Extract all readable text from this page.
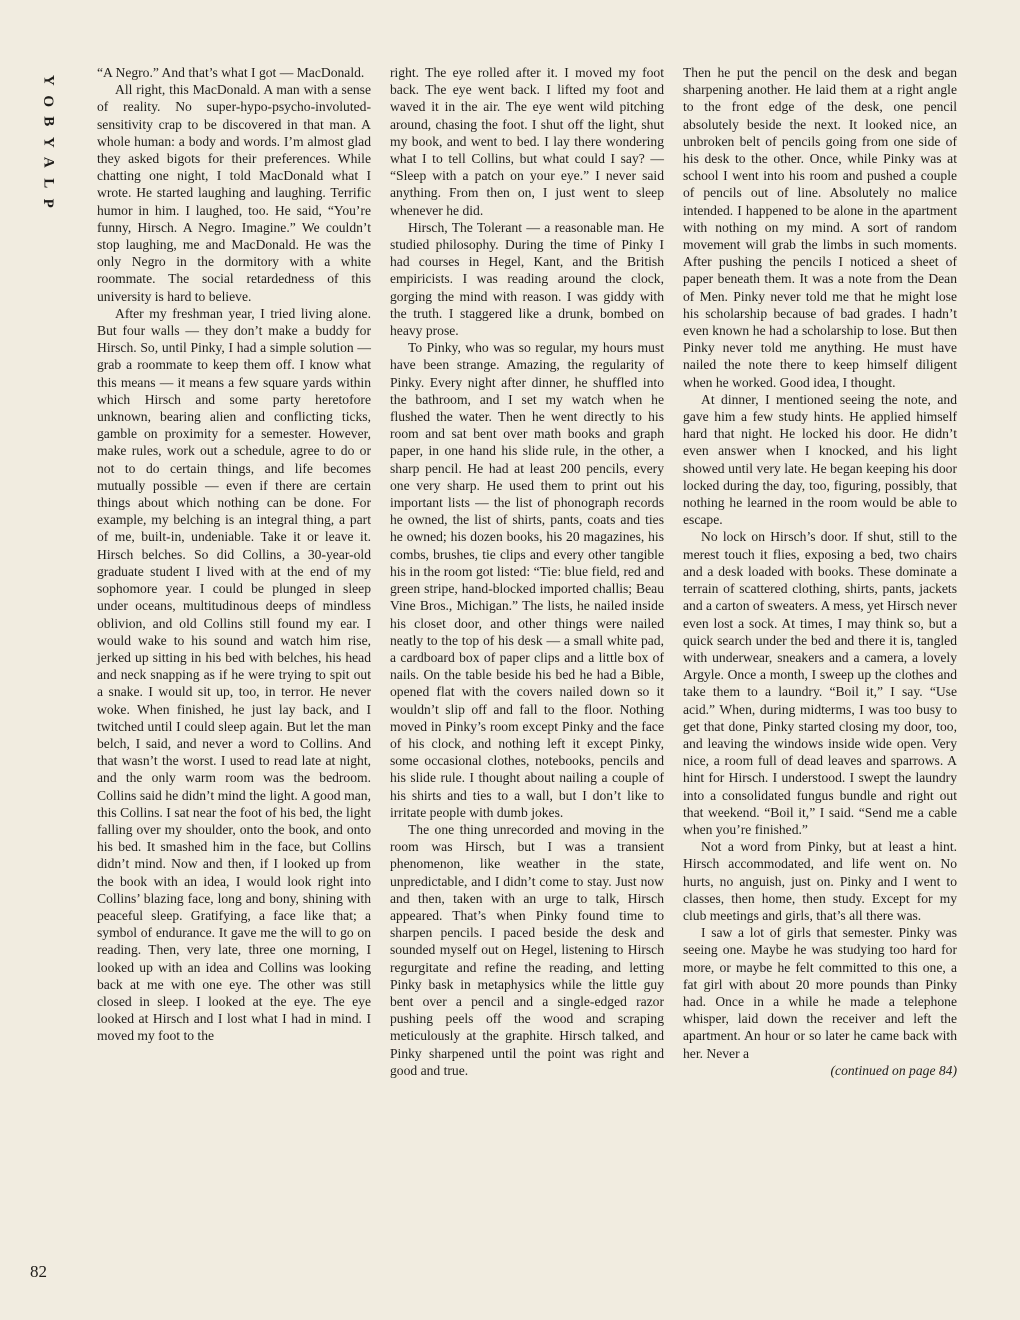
Y
O
B
Y
A
L
P
82

“A Negro.” And that’s what I got — MacDonald.

All right, this MacDonald. A man with a sense of reality. No super-hypo-psycho-involuted-sensitivity crap to be discovered in that man. A whole human: a body and words. I’m almost glad they asked bigots for their preferences. While chatting one night, I told MacDonald what I wrote. He started laughing and laughing. Terrific humor in him. I laughed, too. He said, “You’re funny, Hirsch. A Negro. Imagine.” We couldn’t stop laughing, me and MacDonald. He was the only Negro in the dormitory with a white roommate. The social retardedness of this university is hard to believe.

After my freshman year, I tried living alone. But four walls — they don’t make a buddy for Hirsch. So, until Pinky, I had a simple solution — grab a roommate to keep them off. I know what this means — it means a few square yards within which Hirsch and some party heretofore unknown, bearing alien and conflicting ticks, gamble on proximity for a semester. However, make rules, work out a schedule, agree to do or not to do certain things, and life becomes mutually possible — even if there are certain things about which nothing can be done. For example, my belching is an integral thing, a part of me, built-in, undeniable. Take it or leave it. Hirsch belches. So did Collins, a 30-year-old graduate student I lived with at the end of my sophomore year. I could be plunged in sleep under oceans, multitudinous deeps of mindless oblivion, and old Collins still found my ear. I would wake to his sound and watch him rise, jerked up sitting in his bed with belches, his head and neck snapping as if he were trying to spit out a snake. I would sit up, too, in terror. He never woke. When finished, he just lay back, and I twitched until I could sleep again. But let the man belch, I said, and never a word to Collins. And that wasn’t the worst. I used to read late at night, and the only warm room was the bedroom. Collins said he didn’t mind the light. A good man, this Collins. I sat near the foot of his bed, the light falling over my shoulder, onto the book, and onto his bed. It smashed him in the face, but Collins didn’t mind. Now and then, if I looked up from the book with an idea, I would look right into Collins’ blazing face, long and bony, shining with peaceful sleep. Gratifying, a face like that; a symbol of endurance. It gave me the will to go on reading. Then, very late, three one morning, I looked up with an idea and Collins was looking back at me with one eye. The other was still closed in sleep. I looked at the eye. The eye looked at Hirsch and I lost what I had in mind. I moved my foot to the

right. The eye rolled after it. I moved my foot back. The eye went back. I lifted my foot and waved it in the air. The eye went wild pitching around, chasing the foot. I shut off the light, shut my book, and went to bed. I lay there wondering what I to tell Collins, but what could I say? — “Sleep with a patch on your eye.” I never said anything. From then on, I just went to sleep whenever he did.

Hirsch, The Tolerant — a reasonable man. He studied philosophy. During the time of Pinky I had courses in Hegel, Kant, and the British empiricists. I was reading around the clock, gorging the mind with reason. I was giddy with the truth. I staggered like a drunk, bombed on heavy prose.

To Pinky, who was so regular, my hours must have been strange. Amazing, the regularity of Pinky. Every night after dinner, he shuffled into the bathroom, and I set my watch when he flushed the water. Then he went directly to his room and sat bent over math books and graph paper, in one hand his slide rule, in the other, a sharp pencil. He had at least 200 pencils, every one very sharp. He used them to print out his important lists — the list of phonograph records he owned, the list of shirts, pants, coats and ties he owned; his dozen books, his 20 magazines, his combs, brushes, tie clips and every other tangible his in the room got listed: “Tie: blue field, red and green stripe, hand-blocked imported challis; Beau Vine Bros., Michigan.” The lists, he nailed inside his closet door, and other things were nailed neatly to the top of his desk — a small white pad, a cardboard box of paper clips and a little box of nails. On the table beside his bed he had a Bible, opened flat with the covers nailed down so it wouldn’t slip off and fall to the floor. Nothing moved in Pinky’s room except Pinky and the face of his clock, and nothing left it except Pinky, some occasional clothes, notebooks, pencils and his slide rule. I thought about nailing a couple of his shirts and ties to a wall, but I don’t like to irritate people with dumb jokes.

The one thing unrecorded and moving in the room was Hirsch, but I was a transient phenomenon, like weather in the state, unpredictable, and I didn’t come to stay. Just now and then, taken with an urge to talk, Hirsch appeared. That’s when Pinky found time to sharpen pencils. I paced beside the desk and sounded myself out on Hegel, listening to Hirsch regurgitate and refine the reading, and letting Pinky bask in metaphysics while the little guy bent over a pencil and a single-edged razor pushing peels off the wood and scraping meticulously at the graphite. Hirsch talked, and Pinky sharpened until the point was right and good and true.

Then he put the pencil on the desk and began sharpening another. He laid them at a right angle to the front edge of the desk, one pencil absolutely beside the next. It looked nice, an unbroken belt of pencils going from one side of his desk to the other. Once, while Pinky was at school I went into his room and pushed a couple of pencils out of line. Absolutely no malice intended. I happened to be alone in the apartment with nothing on my mind. A sort of random movement will grab the limbs in such moments. After pushing the pencils I noticed a sheet of paper beneath them. It was a note from the Dean of Men. Pinky never told me that he might lose his scholarship because of bad grades. I hadn’t even known he had a scholarship to lose. But then Pinky never told me anything. He must have nailed the note there to keep himself diligent when he worked. Good idea, I thought.

At dinner, I mentioned seeing the note, and gave him a few study hints. He applied himself hard that night. He locked his door. He didn’t even answer when I knocked, and his light showed until very late. He began keeping his door locked during the day, too, figuring, possibly, that nothing he learned in the room would be able to escape.

No lock on Hirsch’s door. If shut, still to the merest touch it flies, exposing a bed, two chairs and a desk loaded with books. These dominate a terrain of scattered clothing, shirts, pants, jackets and a carton of sweaters. A mess, yet Hirsch never even lost a sock. At times, I may think so, but a quick search under the bed and there it is, tangled with underwear, sneakers and a camera, a lovely Argyle. Once a month, I sweep up the clothes and take them to a laundry. “Boil it,” I say. “Use acid.” When, during midterms, I was too busy to get that done, Pinky started closing my door, too, and leaving the windows inside wide open. Very nice, a room full of dead leaves and sparrows. A hint for Hirsch. I understood. I swept the laundry into a consolidated fungus bundle and right out that weekend. “Boil it,” I said. “Send me a cable when you’re finished.”

Not a word from Pinky, but at least a hint. Hirsch accommodated, and life went on. No hurts, no anguish, just on. Pinky and I went to classes, then home, then study. Except for my club meetings and girls, that’s all there was.

I saw a lot of girls that semester. Pinky was seeing one. Maybe he was studying too hard for more, or maybe he felt committed to this one, a fat girl with about 20 more pounds than Pinky had. Once in a while he made a telephone whisper, laid down the receiver and left the apartment. An hour or so later he came back with her. Never a

(continued on page 84)
